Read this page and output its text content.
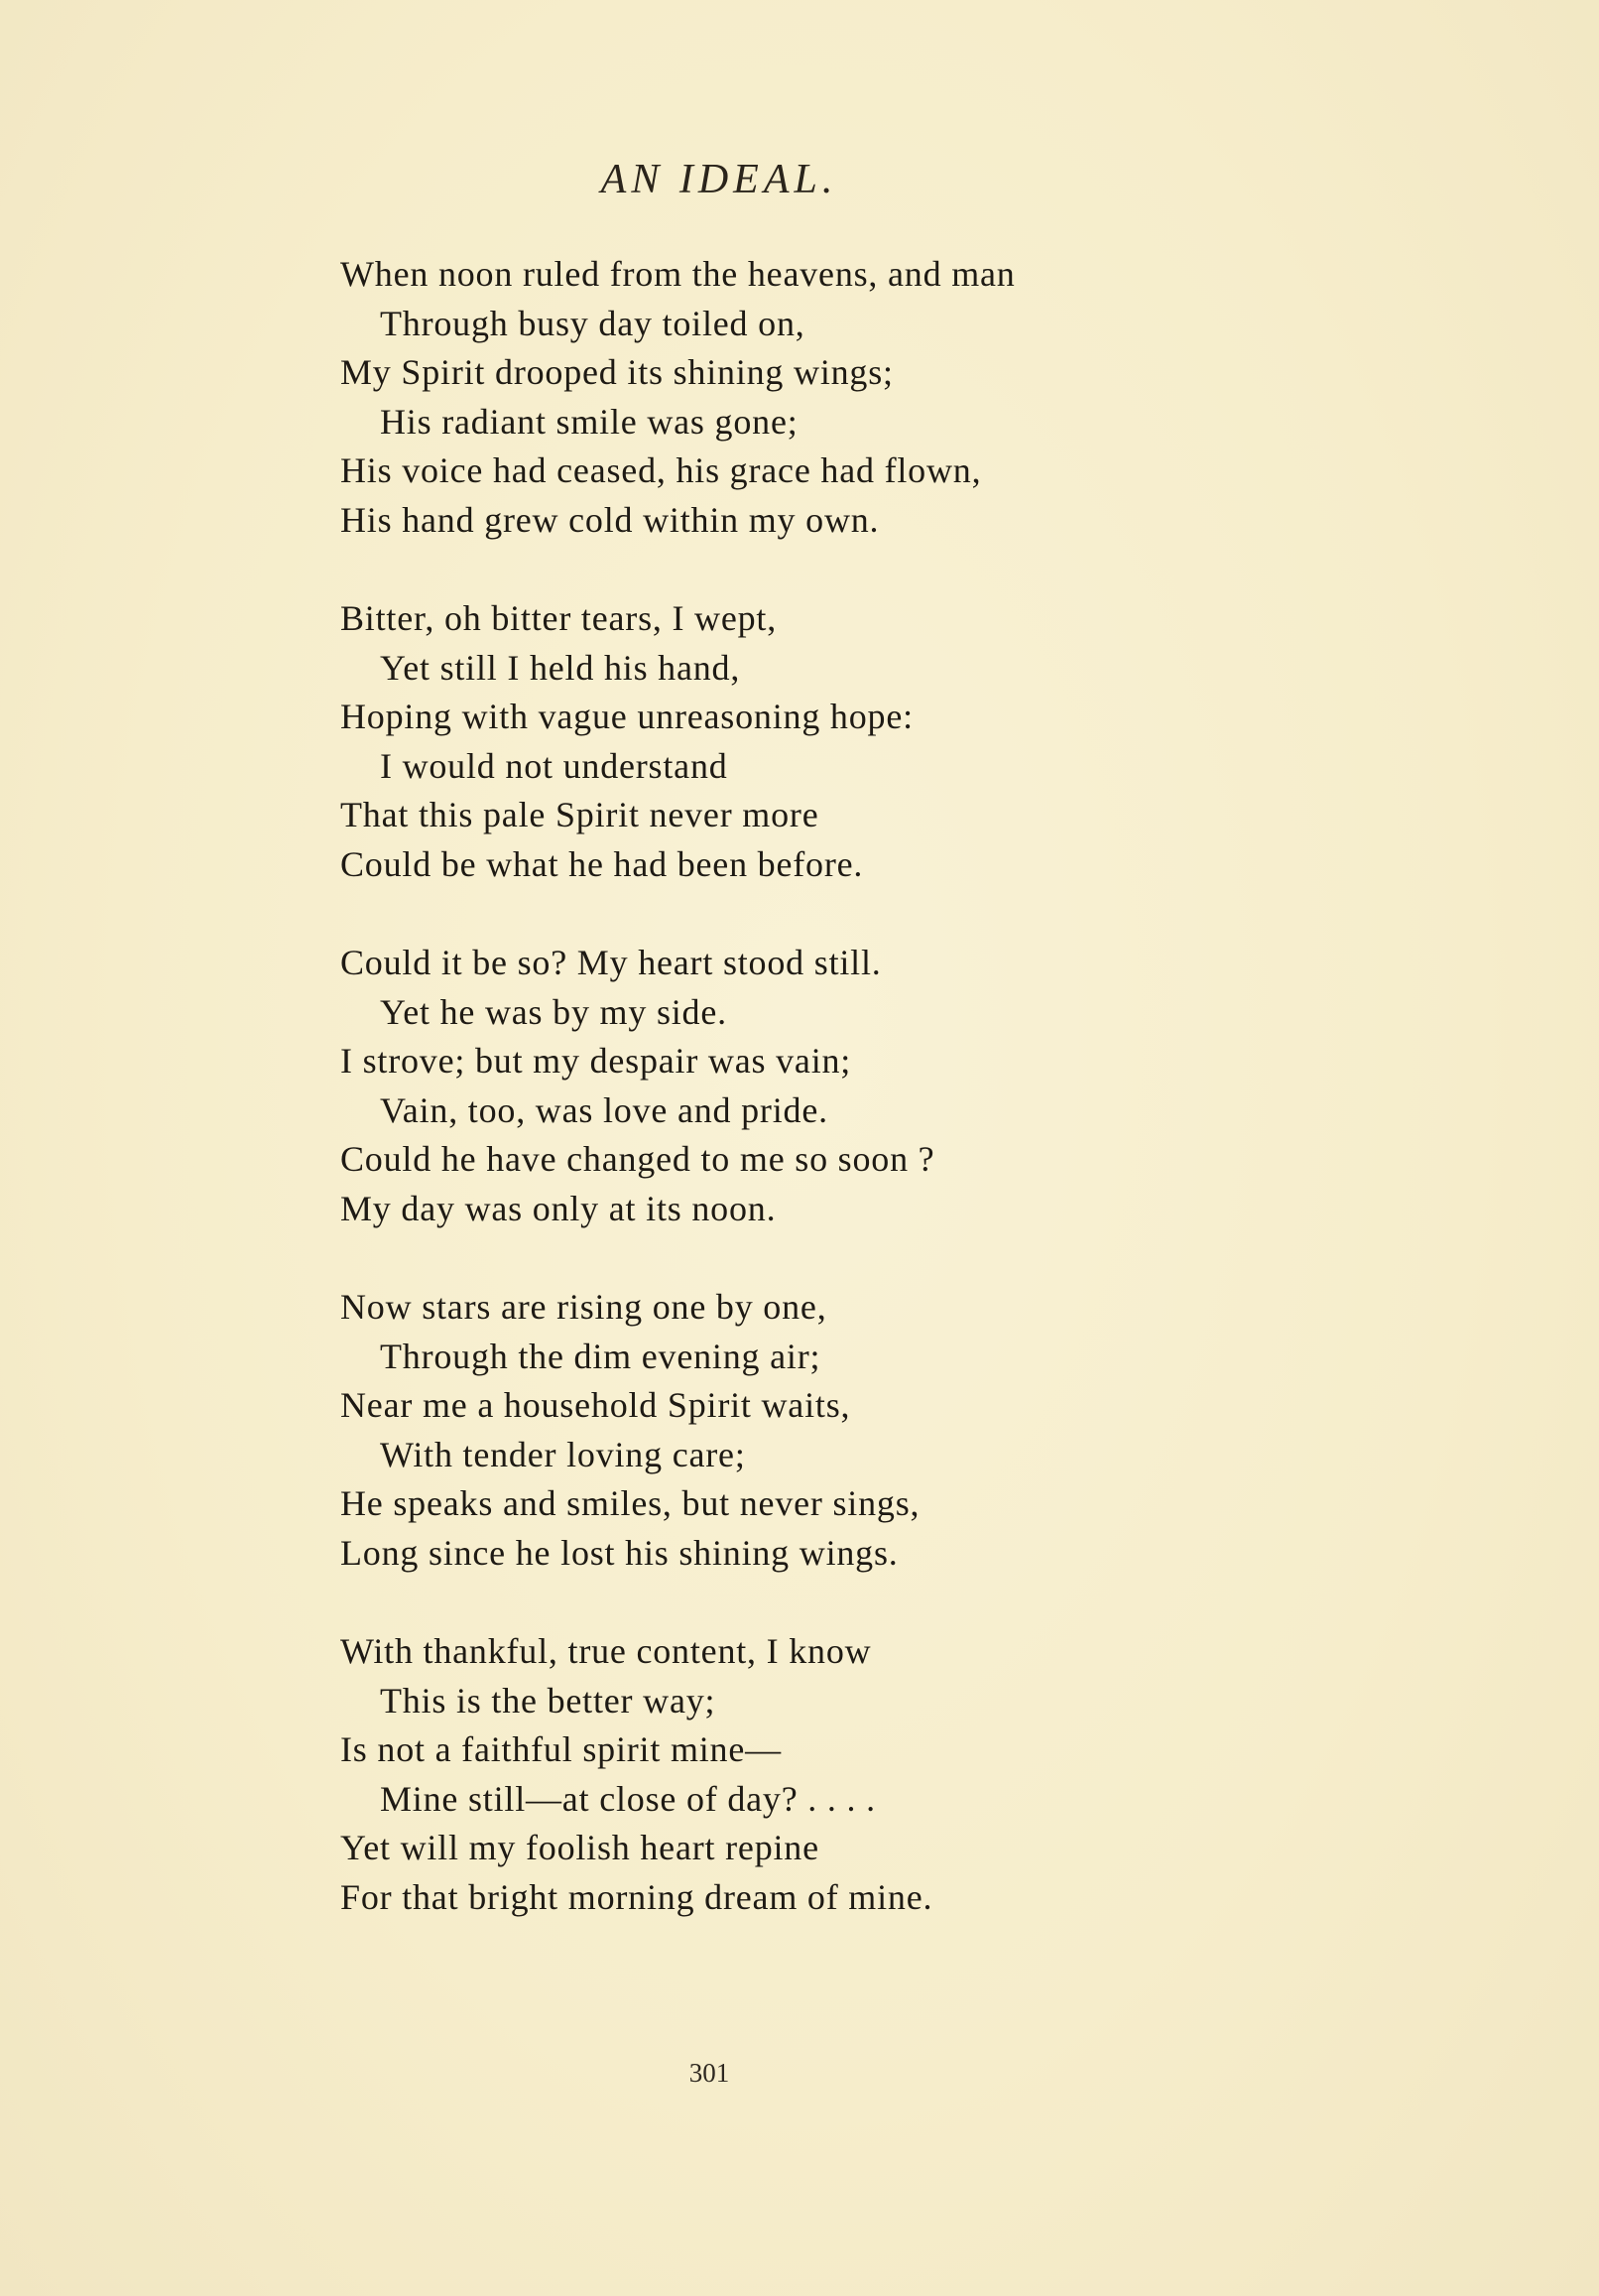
AN IDEAL.
When noon ruled from the heavens, and man
Through busy day toiled on,
My Spirit drooped its shining wings;
His radiant smile was gone;
His voice had ceased, his grace had flown,
His hand grew cold within my own.
Bitter, oh bitter tears, I wept,
Yet still I held his hand,
Hoping with vague unreasoning hope:
I would not understand
That this pale Spirit never more
Could be what he had been before.
Could it be so? My heart stood still.
Yet he was by my side.
I strove; but my despair was vain;
Vain, too, was love and pride.
Could he have changed to me so soon ?
My day was only at its noon.
Now stars are rising one by one,
Through the dim evening air;
Near me a household Spirit waits,
With tender loving care;
He speaks and smiles, but never sings,
Long since he lost his shining wings.
With thankful, true content, I know
This is the better way;
Is not a faithful spirit mine—
Mine still—at close of day? . . . .
Yet will my foolish heart repine
For that bright morning dream of mine.
301
